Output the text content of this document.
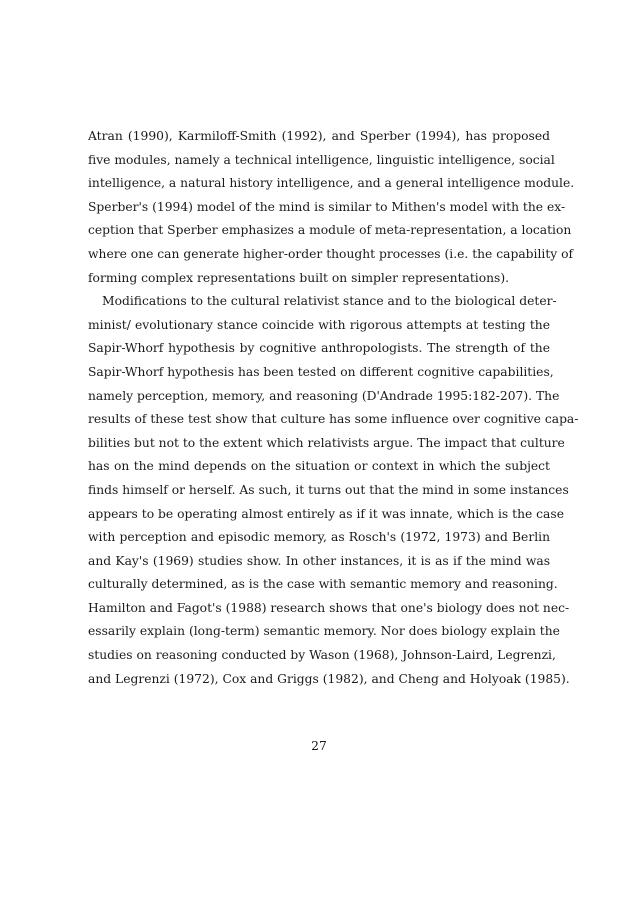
Atran (1990), Karmiloff-Smith (1992), and Sperber (1994), has proposed
five modules, namely a technical intelligence, linguistic intelligence, social
intelligence, a natural history intelligence, and a general intelligence module.
Sperber's (1994) model of the mind is similar to Mithen's model with the ex-
ception that Sperber emphasizes a module of meta-representation, a location
where one can generate higher-order thought processes (i.e. the capability of
forming complex representations built on simpler representations).
Modifications to the cultural relativist stance and to the biological deter-
minist/ evolutionary stance coincide with rigorous attempts at testing the
Sapir-Whorf hypothesis by cognitive anthropologists. The strength of the
Sapir-Whorf hypothesis has been tested on different cognitive capabilities,
namely perception, memory, and reasoning (D'Andrade 1995:182-207). The
results of these test show that culture has some influence over cognitive capa-
bilities but not to the extent which relativists argue. The impact that culture
has on the mind depends on the situation or context in which the subject
finds himself or herself. As such, it turns out that the mind in some instances
appears to be operating almost entirely as if it was innate, which is the case
with perception and episodic memory, as Rosch's (1972, 1973) and Berlin
and Kay's (1969) studies show. In other instances, it is as if the mind was
culturally determined, as is the case with semantic memory and reasoning.
Hamilton and Fagot's (1988) research shows that one's biology does not nec-
essarily explain (long-term) semantic memory. Nor does biology explain the
studies on reasoning conducted by Wason (1968), Johnson-Laird, Legrenzi,
and Legrenzi (1972), Cox and Griggs (1982), and Cheng and Holyoak (1985).
27
